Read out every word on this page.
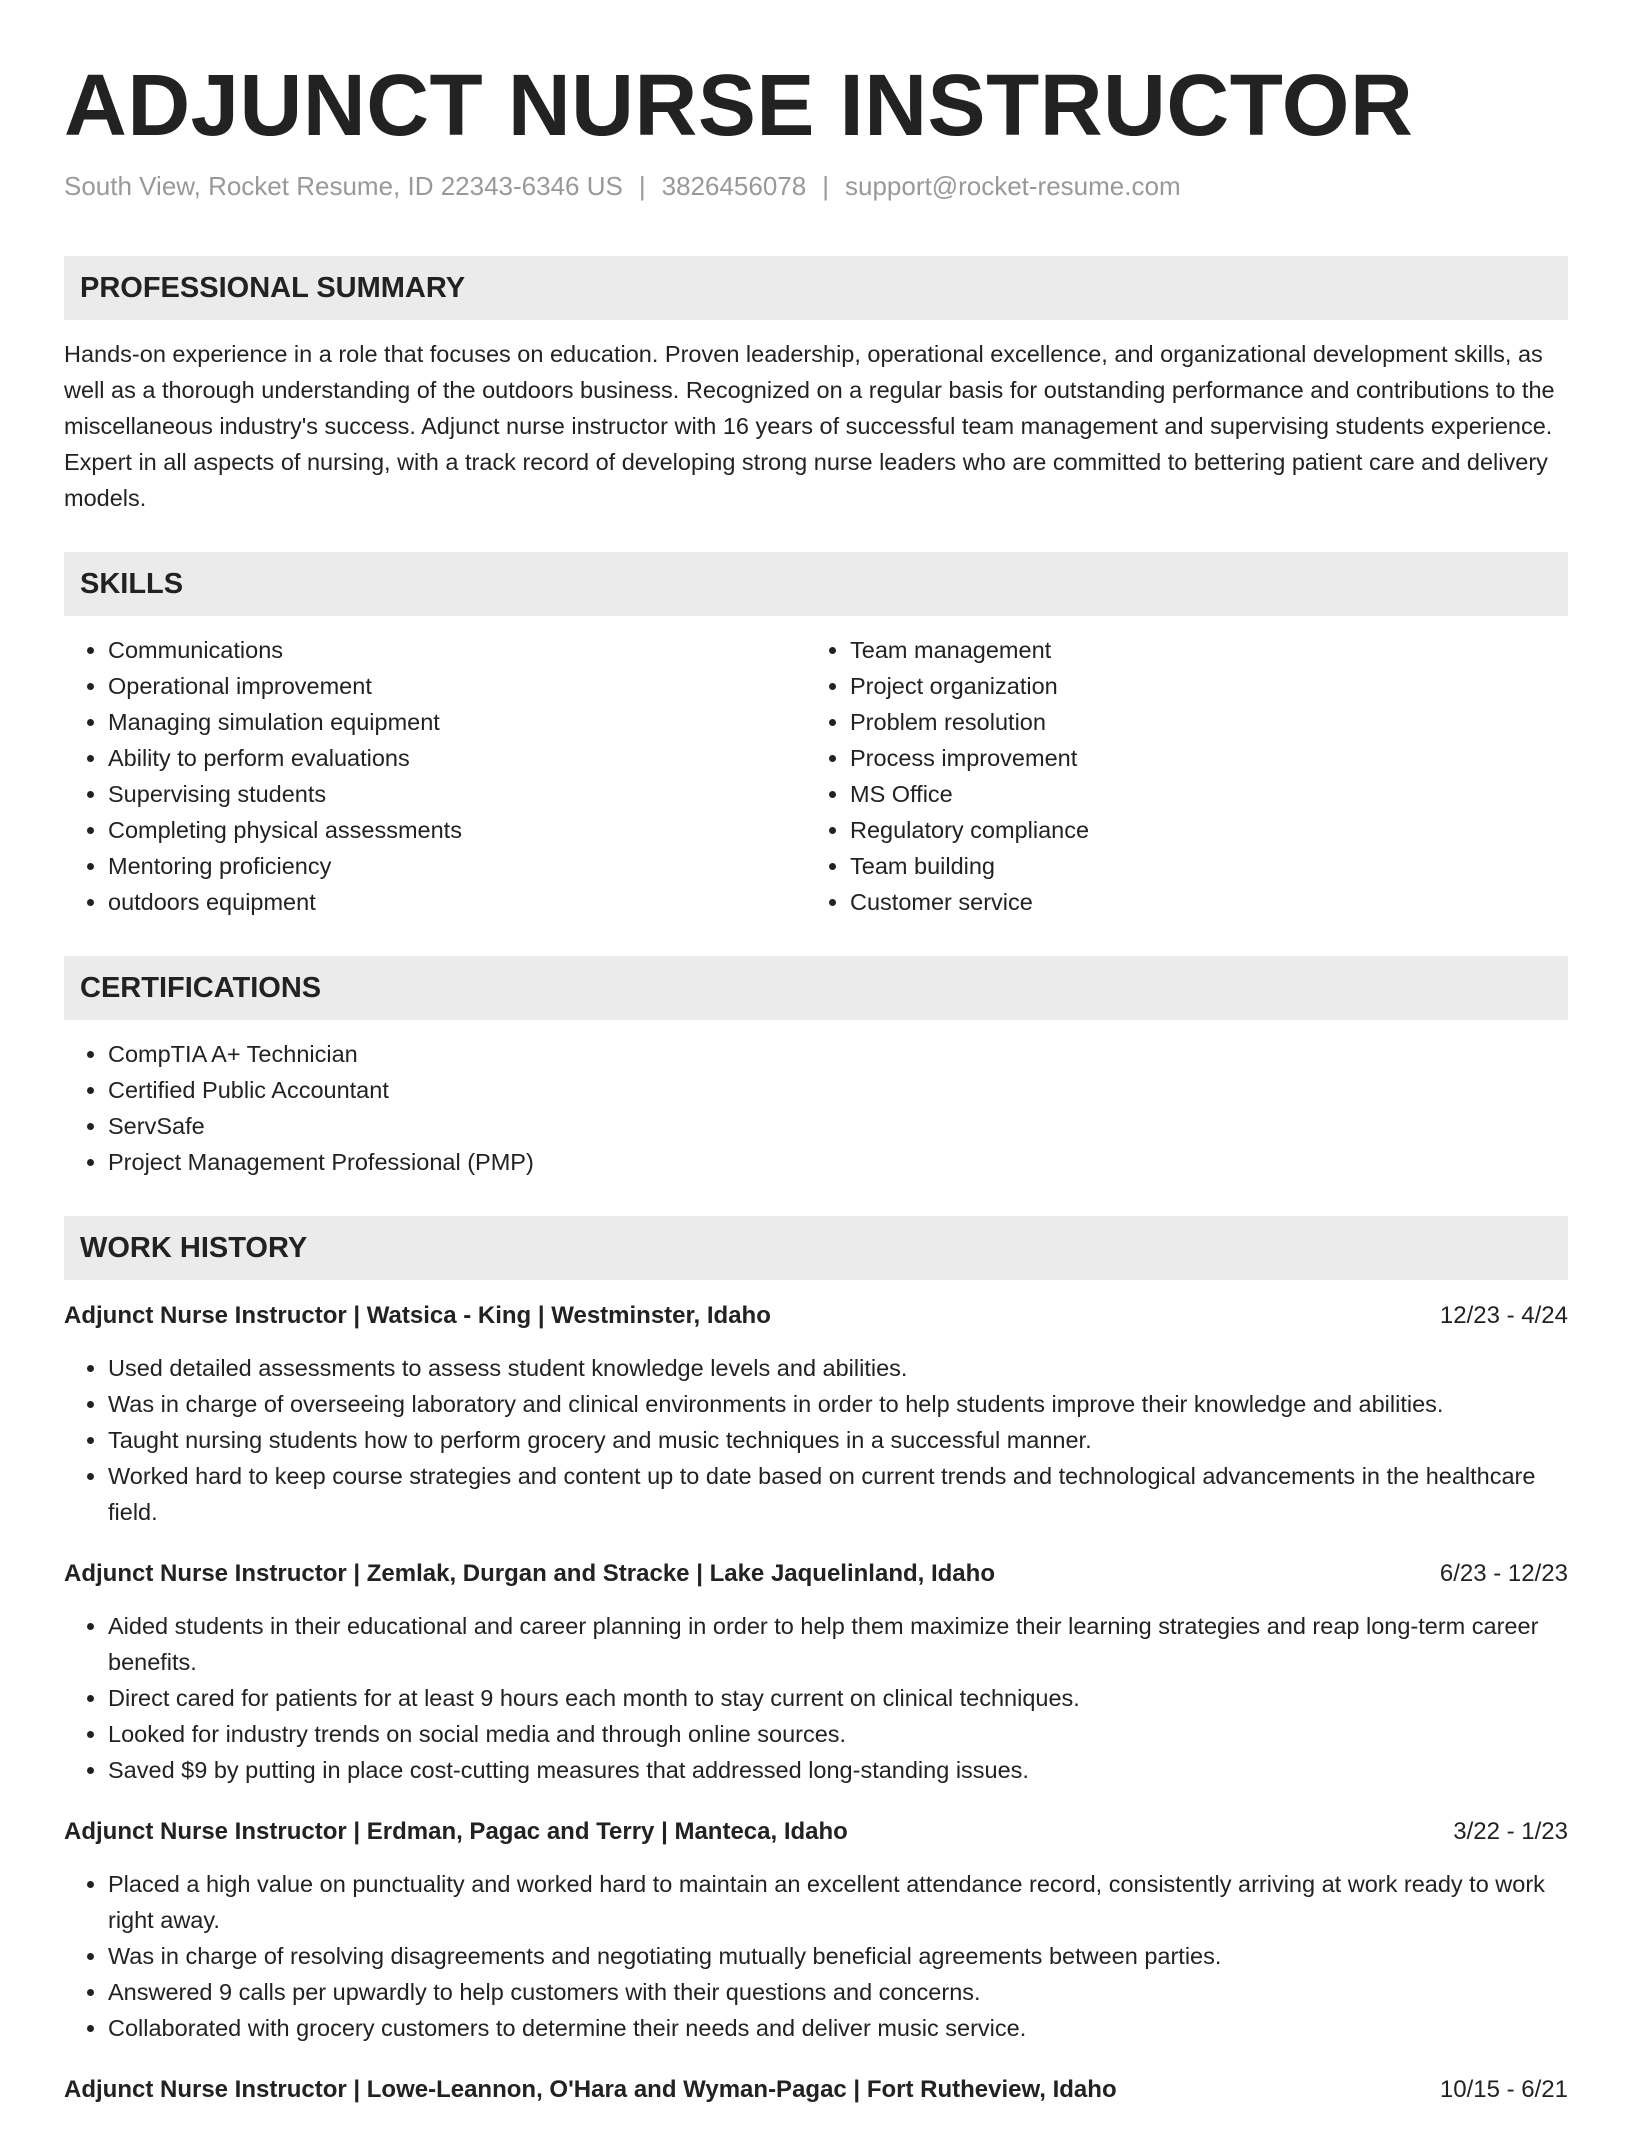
ADJUNCT NURSE INSTRUCTOR
South View, Rocket Resume, ID 22343-6346 US | 3826456078 | support@rocket-resume.com
PROFESSIONAL SUMMARY

Hands-on experience in a role that focuses on education. Proven leadership, operational excellence, and organizational development skills, as well as a thorough understanding of the outdoors business. Recognized on a regular basis for outstanding performance and contributions to the miscellaneous industry's success. Adjunct nurse instructor with 16 years of successful team management and supervising students experience. Expert in all aspects of nursing, with a track record of developing strong nurse leaders who are committed to bettering patient care and delivery models.

SKILLS
• Communications
• Operational improvement
• Managing simulation equipment
• Ability to perform evaluations
• Supervising students
• Completing physical assessments
• Mentoring proficiency
• outdoors equipment
• Team management
• Project organization
• Problem resolution
• Process improvement
• MS Office
• Regulatory compliance
• Team building
• Customer service
CERTIFICATIONS
• CompTIA A+ Technician
• Certified Public Accountant
• ServSafe
• Project Management Professional (PMP)
WORK HISTORY
Adjunct Nurse Instructor | Watsica - King | Westminster, Idaho	12/23 - 4/24
• Used detailed assessments to assess student knowledge levels and abilities.
• Was in charge of overseeing laboratory and clinical environments in order to help students improve their knowledge and abilities.
• Taught nursing students how to perform grocery and music techniques in a successful manner.
• Worked hard to keep course strategies and content up to date based on current trends and technological advancements in the healthcare field.
Adjunct Nurse Instructor | Zemlak, Durgan and Stracke | Lake Jaquelinland, Idaho	6/23 - 12/23
• Aided students in their educational and career planning in order to help them maximize their learning strategies and reap long-term career benefits.
• Direct cared for patients for at least 9 hours each month to stay current on clinical techniques.
• Looked for industry trends on social media and through online sources.
• Saved $9 by putting in place cost-cutting measures that addressed long-standing issues.
Adjunct Nurse Instructor | Erdman, Pagac and Terry | Manteca, Idaho	3/22 - 1/23
• Placed a high value on punctuality and worked hard to maintain an excellent attendance record, consistently arriving at work ready to work right away.
• Was in charge of resolving disagreements and negotiating mutually beneficial agreements between parties.
• Answered 9 calls per upwardly to help customers with their questions and concerns.
• Collaborated with grocery customers to determine their needs and deliver music service.
Adjunct Nurse Instructor | Lowe-Leannon, O'Hara and Wyman-Pagac | Fort Rutheview, Idaho	10/15 - 6/21
